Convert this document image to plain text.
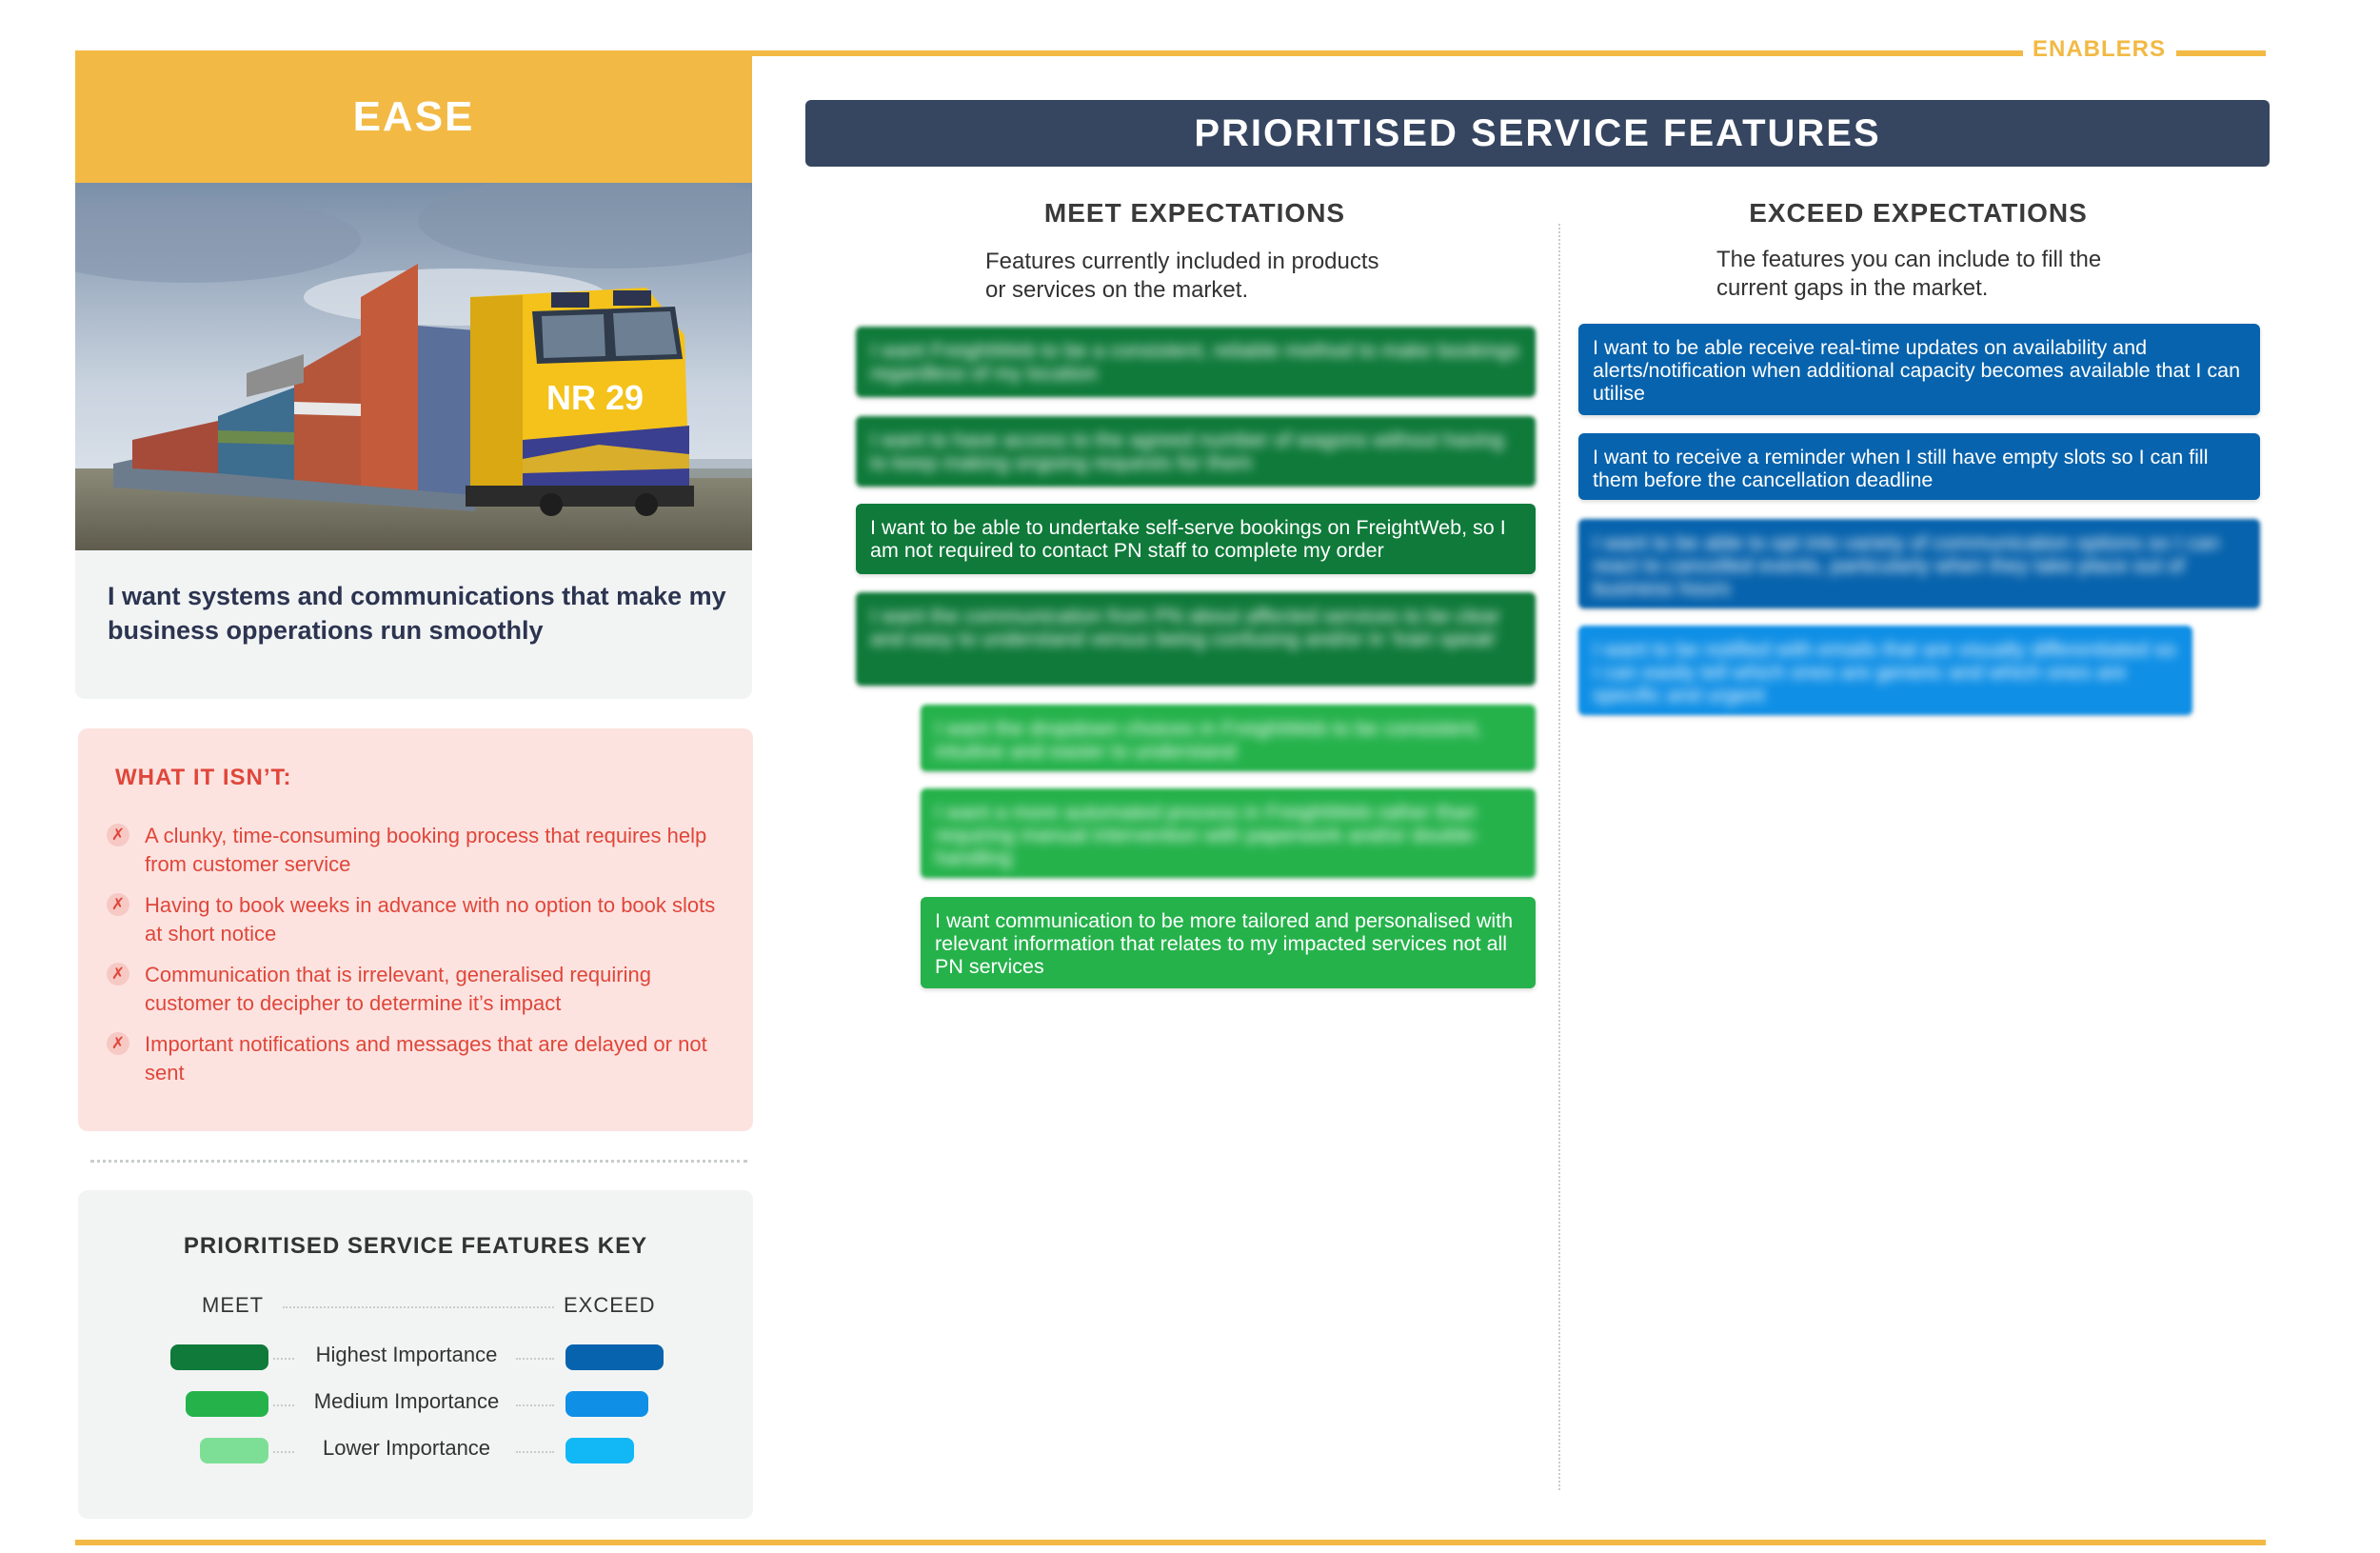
ENABLERS
EASE
NR 29

I want systems and communications that make my business opperations run smoothly

WHAT IT ISN’T:
✗ A clunky, time-consuming booking process that requires help from customer service
✗ Having to book weeks in advance with no option to book slots at short notice
✗ Communication that is irrelevant, generalised requiring customer to decipher to determine it’s impact
✗ Important notifications and messages that are delayed or not sent
PRIORITISED SERVICE FEATURES KEY
MEET	EXCEED
Highest Importance
Medium Importance
Lower Importance
PRIORITISED SERVICE FEATURES
MEET EXPECTATIONS
Features currently included in products
or services on the market.
EXCEED EXPECTATIONS
The features you can include to fill the
current gaps in the market.
I want FreightWeb to be a consistent, reliable method to make bookings regardless of my location
I want to have access to the agreed number of wagons without having to keep making ongoing requests for them
I want to be able to undertake self-serve bookings on FreightWeb, so I am not required to contact PN staff to complete my order
I want the communication from PN about affected services to be clear and easy to understand versus being confusing and/or in 'train speak'
I want the dropdown choices in FreightWeb to be consistent, intuitive and easier to understand
I want a more automated process in FreightWeb rather than requiring manual intervention with paperwork and/or double-handling
I want communication to be more tailored and personalised with relevant information that relates to my impacted services not all PN services
I want to be able receive real-time updates on availability and alerts/notification when additional capacity becomes available that I can utilise
I want to receive a reminder when I still have empty slots so I can fill them before the cancellation deadline
I want to be able to opt into variety of communication options so I can react to cancelled events, particularly when they take place out of business hours
I want to be notified with emails that are visually differentiated so I can easily tell which ones are generic and which ones are specific and urgent
